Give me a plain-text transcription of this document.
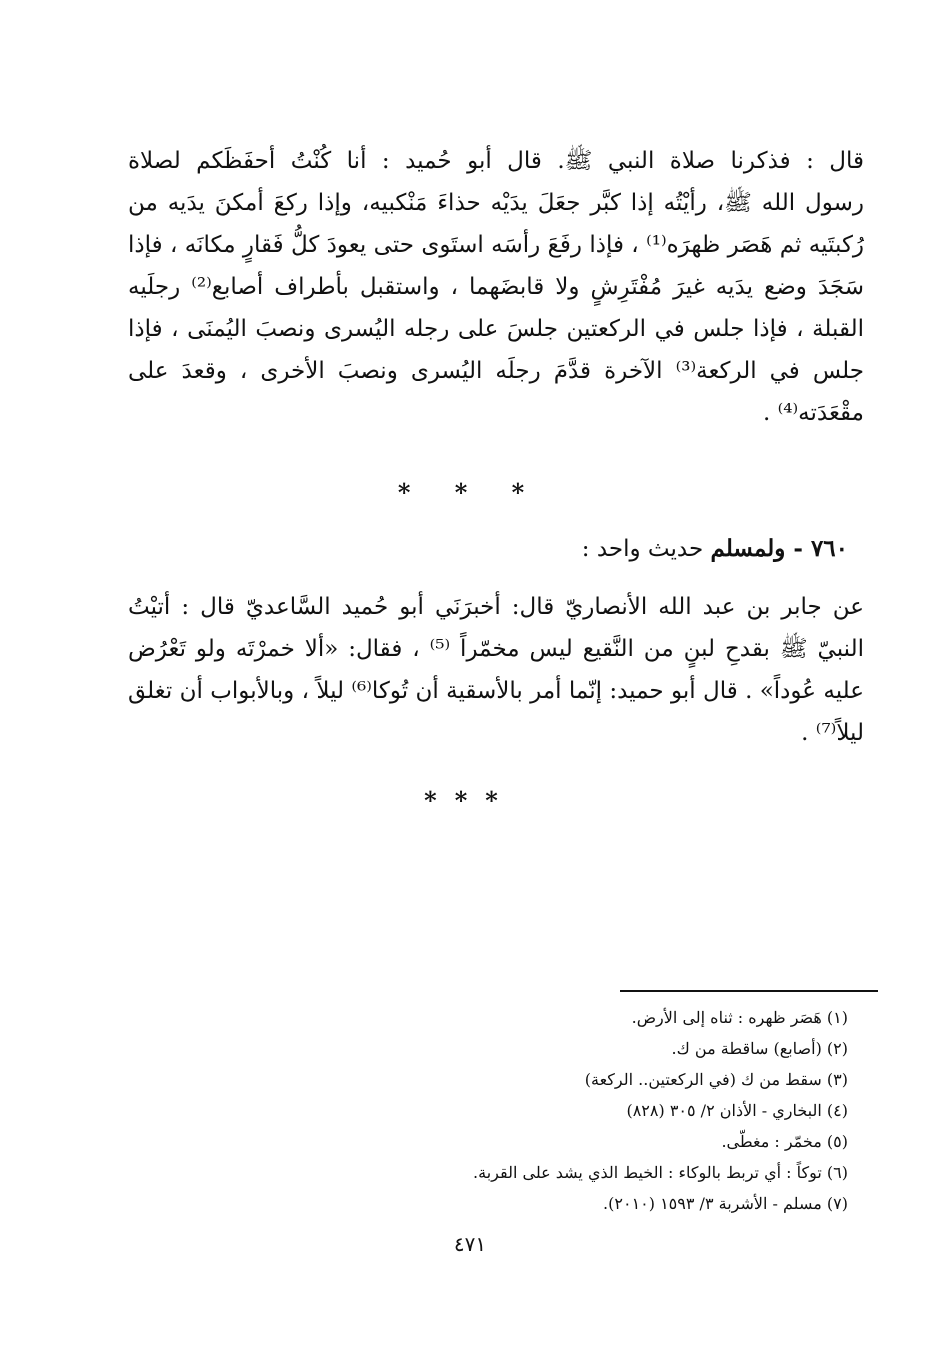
قال : فذكرنا صلاة النبي ﷺ. قال أبو حُميد : أنا كُنْتُ أحفَظَكم لصلاة
رسول الله ﷺ، رأيْتُه إذا كبَّر جعَلَ يدَيْه حذاءَ مَنْكبيه، وإذا ركعَ أمكنَ يدَيه من
رُكبتَيه ثم هَصَر ظهرَه⁽¹⁾ ، فإذا رفَعَ رأسَه استَوى حتى يعودَ كلُّ فَقارٍ مكانَه ، فإذا
سَجَدَ وضع يدَيه غيرَ مُفْتَرِشٍ ولا قابضَهما ، واستقبل بأطراف أصابع⁽²⁾ رجلَيه
القبلة ، فإذا جلس في الركعتين جلسَ على رجله اليُسرى ونصبَ اليُمنَى ، فإذا
جلس في الركعة⁽³⁾ الآخرة قدَّمَ رجلَه اليُسرى ونصبَ الأخرى ، وقعدَ على
مقْعَدَته⁽⁴⁾ .
* * *
٧٦٠ - ولمسلم حديث واحد :
عن جابر بن عبد الله الأنصاريّ قال: أخبرَنَي أبو حُميد السَّاعديّ قال : أتيْتُ
النبيّ ﷺ بقدحِ لبنٍ من النَّقيع ليس مخمّراً ⁽⁵⁾ ، فقال: «ألا خمرْتَه ولو تَعْرُض
عليه عُوداً» . قال أبو حميد: إنّما أمر بالأسقية أن تُوكا⁽⁶⁾ ليلاً ، وبالأبواب أن تغلق
ليلاً⁽⁷⁾ .
***
(١) هَصَر ظهره : ثناه إلى الأرض.
(٢) (أصابع) ساقطة من ك.
(٣) سقط من ك (في الركعتين.. الركعة)
(٤) البخاري - الأذان ٢/ ٣٠٥ (٨٢٨)
(٥) مخمّر : مغطّى.
(٦) توكاً : أي تربط بالوكاء : الخيط الذي يشد على القربة.
(٧) مسلم - الأشربة ٣/ ١٥٩٣ (٢٠١٠).
٤٧١
